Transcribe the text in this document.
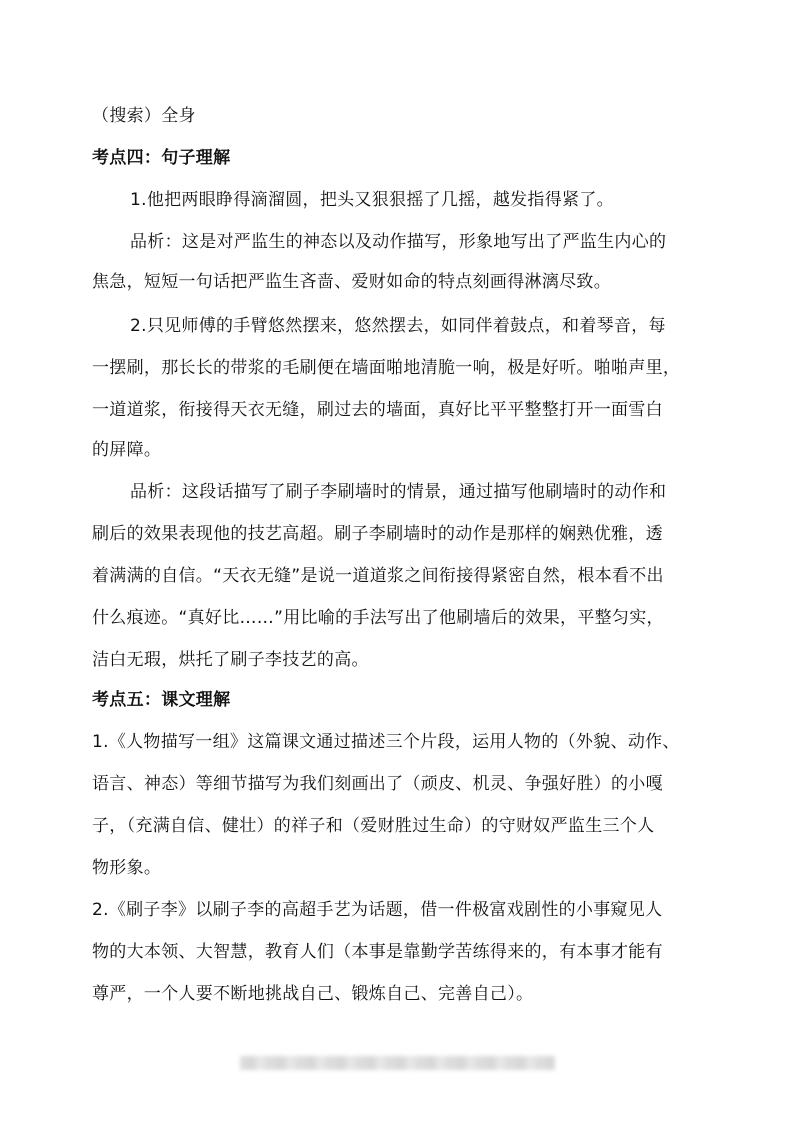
（搜索）全身
考点四：句子理解
1.他把两眼睁得滴溜圆，把头又狠狠摇了几摇，越发指得紧了。
品析：这是对严监生的神态以及动作描写，形象地写出了严监生内心的
焦急，短短一句话把严监生吝啬、爱财如命的特点刻画得淋漓尽致。
2.只见师傅的手臂悠然摆来，悠然摆去，如同伴着鼓点，和着琴音，每
一摆刷，那长长的带浆的毛刷便在墙面啪地清脆一响，极是好听。啪啪声里，
一道道浆，衔接得天衣无缝，刷过去的墙面，真好比平平整整打开一面雪白
的屏障。
品析：这段话描写了刷子李刷墙时的情景，通过描写他刷墙时的动作和
刷后的效果表现他的技艺高超。刷子李刷墙时的动作是那样的娴熟优雅，透
着满满的自信。“天衣无缝”是说一道道浆之间衔接得紧密自然，根本看不出
什么痕迹。“真好比……”用比喻的手法写出了他刷墙后的效果，平整匀实，
洁白无瑕，烘托了刷子李技艺的高。
考点五：课文理解
1.《人物描写一组》这篇课文通过描述三个片段，运用人物的（外貌、动作、
语言、神态）等细节描写为我们刻画出了（顽皮、机灵、争强好胜）的小嘎
子，（充满自信、健壮）的祥子和（爱财胜过生命）的守财奴严监生三个人
物形象。
2.《刷子李》以刷子李的高超手艺为话题，借一件极富戏剧性的小事窥见人
物的大本领、大智慧，教育人们（本事是靠勤学苦练得来的，有本事才能有
尊严，一个人要不断地挑战自己、锻炼自己、完善自己）。
